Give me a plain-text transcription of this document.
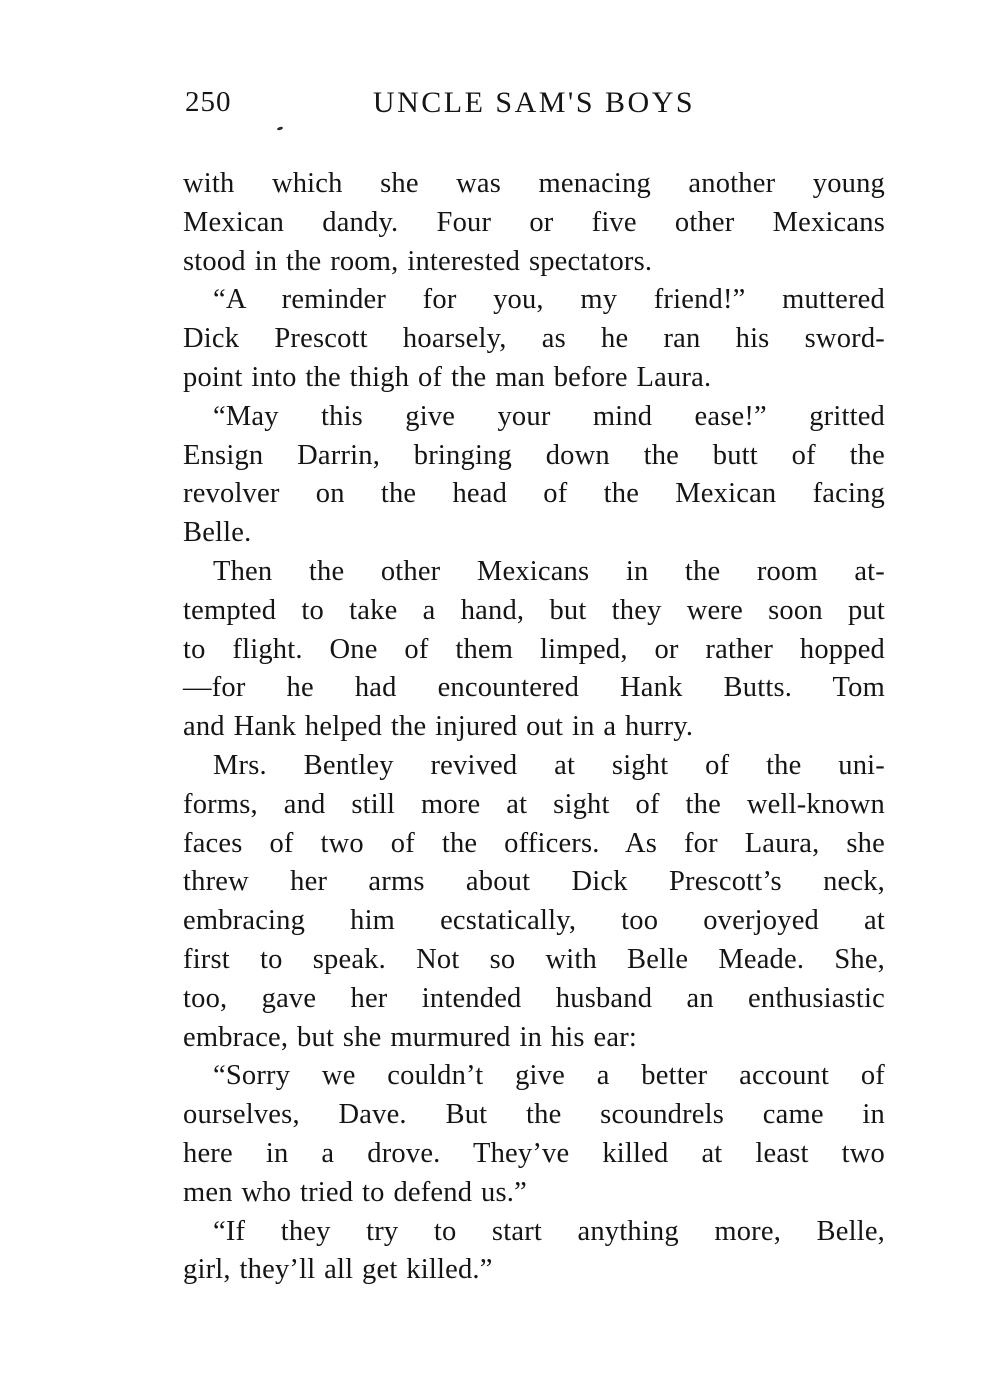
250	UNCLE SAM'S BOYS
with which she was menacing another young
Mexican dandy. Four or five other Mexicans
stood in the room, interested spectators.
“A reminder for you, my friend!” muttered
Dick Prescott hoarsely, as he ran his sword-
point into the thigh of the man before Laura.
“May this give your mind ease!” gritted
Ensign Darrin, bringing down the butt of the
revolver on the head of the Mexican facing
Belle.
Then the other Mexicans in the room at-
tempted to take a hand, but they were soon put
to flight. One of them limped, or rather hopped
—for he had encountered Hank Butts. Tom
and Hank helped the injured out in a hurry.
Mrs. Bentley revived at sight of the uni-
forms, and still more at sight of the well-known
faces of two of the officers. As for Laura, she
threw her arms about Dick Prescott’s neck,
embracing him ecstatically, too overjoyed at
first to speak. Not so with Belle Meade. She,
too, gave her intended husband an enthusiastic
embrace, but she murmured in his ear:
“Sorry we couldn’t give a better account of
ourselves, Dave. But the scoundrels came in
here in a drove. They’ve killed at least two
men who tried to defend us.”
“If they try to start anything more, Belle,
girl, they’ll all get killed.”
